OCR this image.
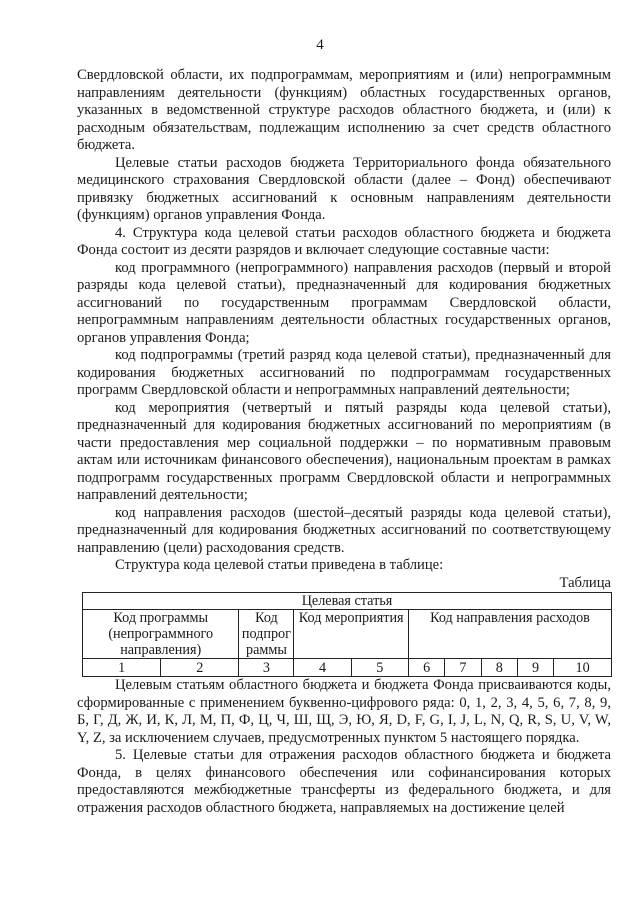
4

Свердловской области, их подпрограммам, мероприятиям и (или) непрограммным направлениям деятельности (функциям) областных государственных органов, указанных в ведомственной структуре расходов областного бюджета, и (или) к расходным обязательствам, подлежащим исполнению за счет средств областного бюджета.

Целевые статьи расходов бюджета Территориального фонда обязательного медицинского страхования Свердловской области (далее – Фонд) обеспечивают привязку бюджетных ассигнований к основным направлениям деятельности (функциям) органов управления Фонда.

4. Структура кода целевой статьи расходов областного бюджета и бюджета Фонда состоит из десяти разрядов и включает следующие составные части:

код программного (непрограммного) направления расходов (первый и второй разряды кода целевой статьи), предназначенный для кодирования бюджетных ассигнований по государственным программам Свердловской области, непрограммным направлениям деятельности областных государственных органов, органов управления Фонда;

код подпрограммы (третий разряд кода целевой статьи), предназначенный для кодирования бюджетных ассигнований по подпрограммам государственных программ Свердловской области и непрограммных направлений деятельности;

код мероприятия (четвертый и пятый разряды кода целевой статьи), предназначенный для кодирования бюджетных ассигнований по мероприятиям (в части предоставления мер социальной поддержки – по нормативным правовым актам или источникам финансового обеспечения), национальным проектам в рамках подпрограмм государственных программ Свердловской области и непрограммных направлений деятельности;

код направления расходов (шестой–десятый разряды кода целевой статьи), предназначенный для кодирования бюджетных ассигнований по соответствующему направлению (цели) расходования средств.

Структура кода целевой статьи приведена в таблице:

Таблица

Целевая статья									
Код программы (непрограммного направления)		Код подпрог раммы	Код мероприятия		Код направления расходов				
1	2	3	4	5	6	7	8	9	10

Целевым статьям областного бюджета и бюджета Фонда присваиваются коды, сформированные с применением буквенно-цифрового ряда: 0, 1, 2, 3, 4, 5, 6, 7, 8, 9, Б, Г, Д, Ж, И, К, Л, М, П, Ф, Ц, Ч, Ш, Щ, Э, Ю, Я, D, F, G, I, J, L, N, Q, R, S, U, V, W, Y, Z, за исключением случаев, предусмотренных пунктом 5 настоящего порядка.

5. Целевые статьи для отражения расходов областного бюджета и бюджета Фонда, в целях финансового обеспечения или софинансирования которых предоставляются межбюджетные трансферты из федерального бюджета, и для отражения расходов областного бюджета, направляемых на достижение целей
